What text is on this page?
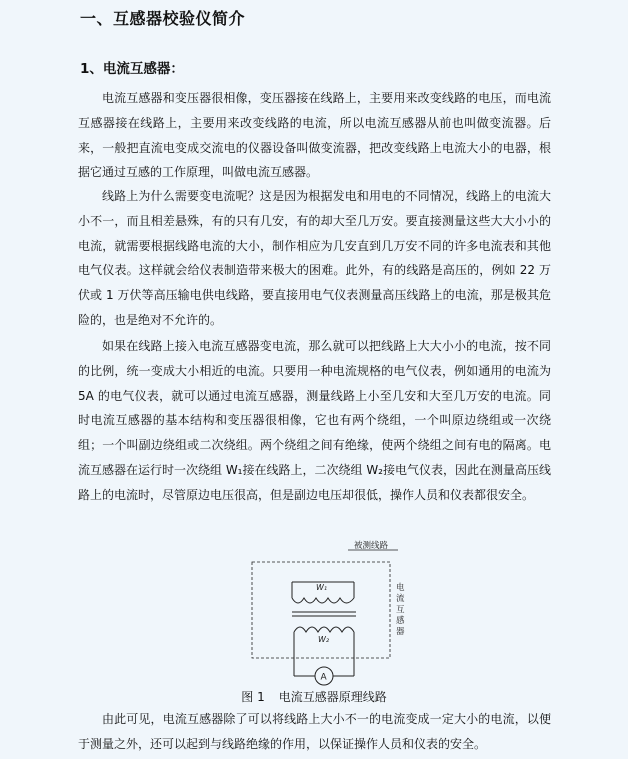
一、互感器校验仪简介
1、电流互感器：
电流互感器和变压器很相像，变压器接在线路上，主要用来改变线路的电压，而电流互感器接在线路上，主要用来改变线路的电流，所以电流互感器从前也叫做变流器。后来，一般把直流电变成交流电的仪器设备叫做变流器，把改变线路上电流大小的电器，根据它通过互感的工作原理，叫做电流互感器。
线路上为什么需要变电流呢？这是因为根据发电和用电的不同情况，线路上的电流大小不一，而且相差悬殊，有的只有几安，有的却大至几万安。要直接测量这些大大小小的电流，就需要根据线路电流的大小，制作相应为几安直到几万安不同的许多电流表和其他电气仪表。这样就会给仪表制造带来极大的困难。此外，有的线路是高压的，例如 22 万伏或 1 万伏等高压输电供电线路，要直接用电气仪表测量高压线路上的电流，那是极其危险的，也是绝对不允许的。
如果在线路上接入电流互感器变电流，那么就可以把线路上大大小小的电流，按不同的比例，统一变成大小相近的电流。只要用一种电流规格的电气仪表，例如通用的电流为 5A 的电气仪表，就可以通过电流互感器，测量线路上小至几安和大至几万安的电流。同时电流互感器的基本结构和变压器很相像，它也有两个绕组，一个叫原边绕组或一次绕组；一个叫副边绕组或二次绕组。两个绕组之间有绝缘，使两个绕组之间有电的隔离。电流互感器在运行时一次绕组 W₁接在线路上，二次绕组 W₂接电气仪表，因此在测量高压线路上的电流时，尽管原边电压很高，但是副边电压却很低，操作人员和仪表都很安全。
被测线路
W₁
W₂
A
电流互感器
图 1 电流互感器原理线路
由此可见，电流互感器除了可以将线路上大小不一的电流变成一定大小的电流，以便于测量之外，还可以起到与线路绝缘的作用，以保证操作人员和仪表的安全。
